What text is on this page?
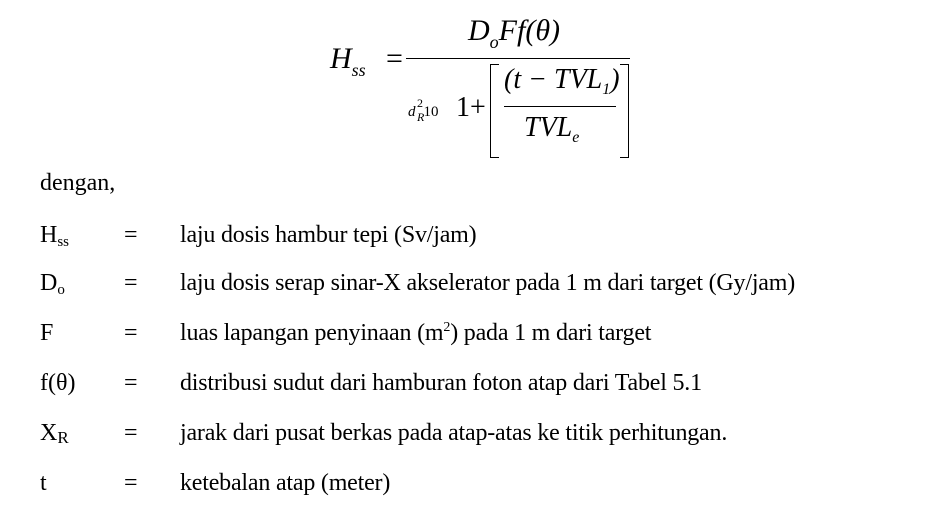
$H_{ss}$ =
$D_oFf(\theta)$
d
2
R 10 1 +
$(t - TVL_1)$
$TVL_e$
dengan,
$H_{ss}$ = laju dosis hambur tepi (Sv/jam)
$D_o$ = laju dosis serap sinar-X akselerator pada 1 m dari target (Gy/jam)
F	= luas lapangan penyinaan $(m^2)$ pada 1 m dari target
f(θ) = distribusi sudut dari hamburan foton atap dari Tabel 5.1
XR = jarak dari pusat berkas pada atap-atas ke titik perhitungan.
t	= ketebalan atap (meter)
